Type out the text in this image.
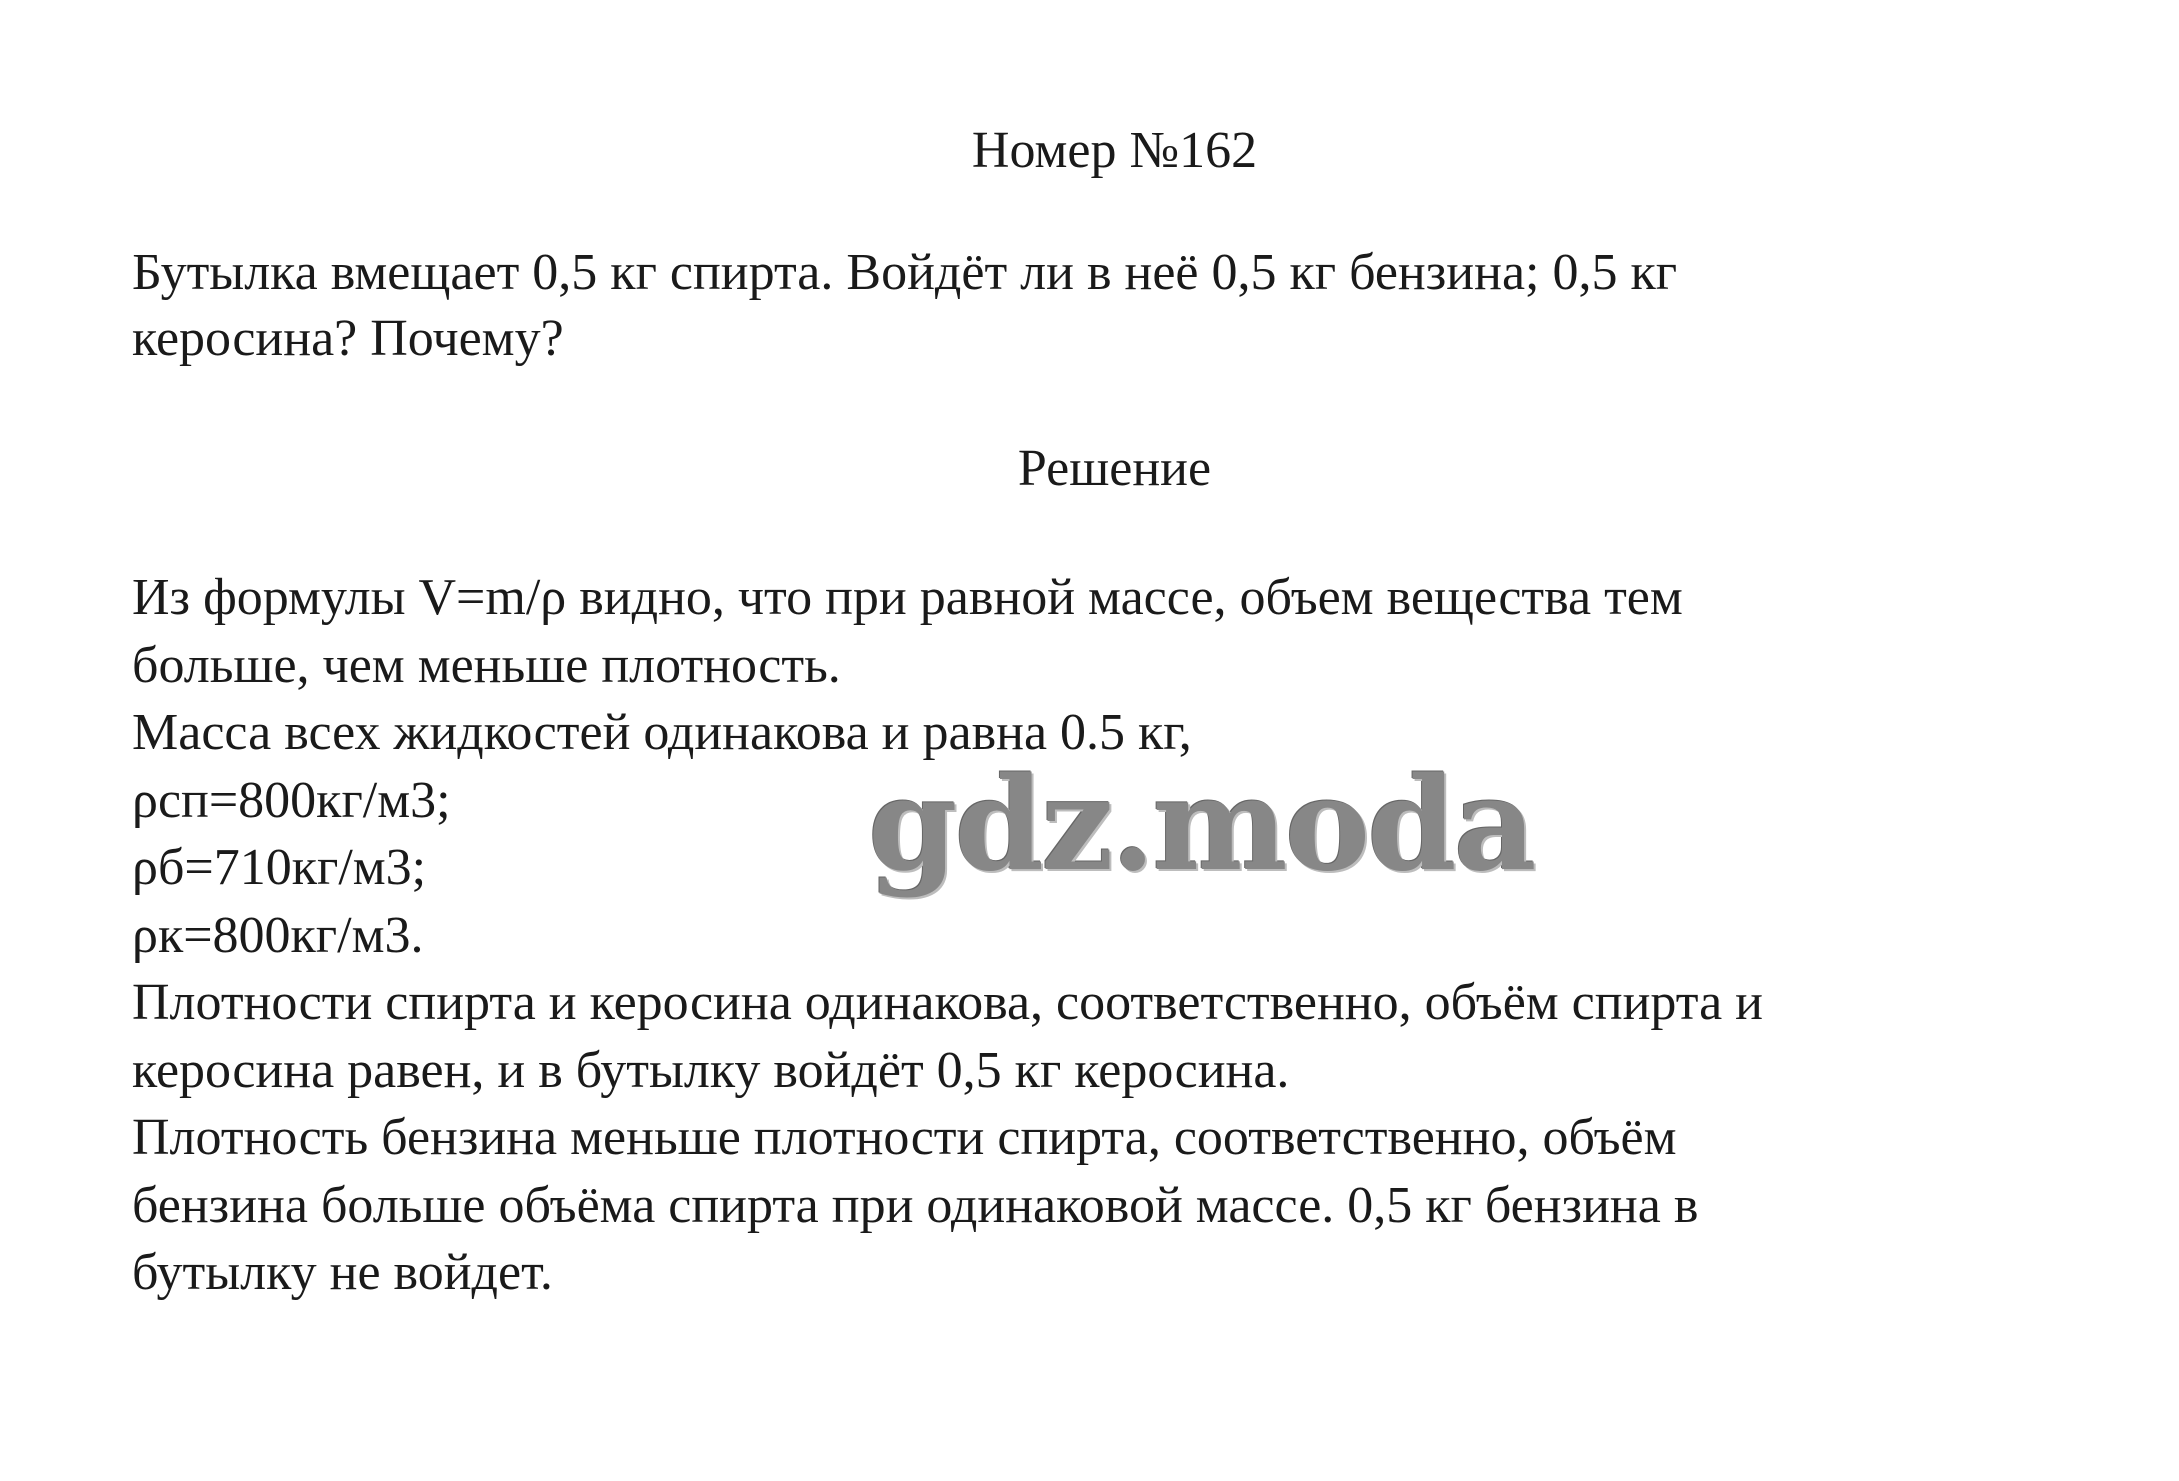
Номер №162
Бутылка вмещает 0,5 кг спирта. Войдёт ли в неё 0,5 кг бензина; 0,5 кг
керосина? Почему?
Решение

Из формулы V=m/ρ видно, что при равной массе, объем вещества тем

больше, чем меньше плотность.

Масса всех жидкостей одинакова и равна 0.5 кг,

ρсп=800кг/м3;

ρб=710кг/м3;

ρк=800кг/м3.

Плотности спирта и керосина одинакова, соответственно, объём спирта и

керосина равен, и в бутылку войдёт 0,5 кг керосина.

Плотность бензина меньше плотности спирта, соответственно, объём

бензина больше объёма спирта при одинаковой массе. 0,5 кг бензина в

бутылку не войдет.

gdz.moda
